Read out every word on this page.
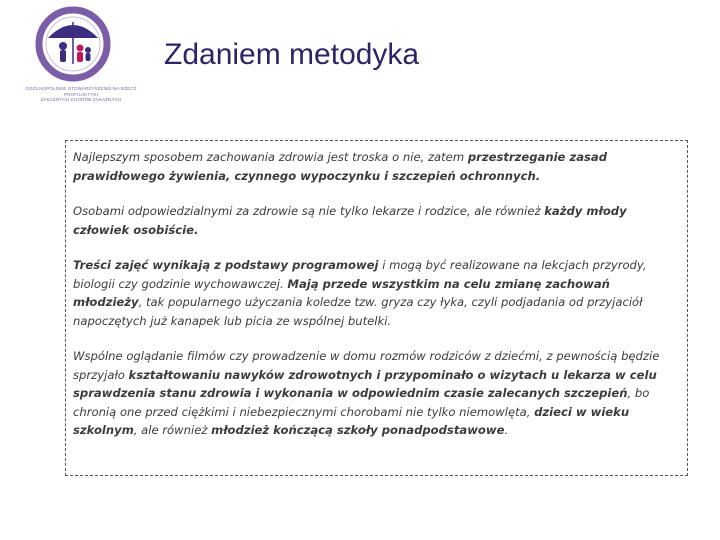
OGÓLNOPOLSKIE STOWARZYSZENIE NA RZECZ PROFILAKTYKI
ZAKAŹNYCH CHORÓB ZAKAŹNYCH
Zdaniem metodyka

Najlepszym sposobem zachowania zdrowia jest troska o nie, zatem przestrzeganie zasad prawidłowego żywienia, czynnego wypoczynku i szczepień ochronnych.

Osobami odpowiedzialnymi za zdrowie są nie tylko lekarze i rodzice, ale również każdy młody człowiek osobiście.

Treści zajęć wynikają z podstawy programowej i mogą być realizowane na lekcjach przyrody, biologii czy godzinie wychowawczej. Mają przede wszystkim na celu zmianę zachowań młodzieży, tak popularnego użyczania koledze tzw. gryza czy łyka, czyli podjadania od przyjaciół napoczętych już kanapek lub picia ze wspólnej butelki.

Wspólne oglądanie filmów czy prowadzenie w domu rozmów rodziców z dziećmi, z pewnością będzie sprzyjało kształtowaniu nawyków zdrowotnych i przypominało o wizytach u lekarza w celu sprawdzenia stanu zdrowia i wykonania w odpowiednim czasie zalecanych szczepień, bo chronią one przed ciężkimi i niebezpiecznymi chorobami nie tylko niemowlęta, dzieci w wieku szkolnym, ale również młodzież kończącą szkoły ponadpodstawowe.
